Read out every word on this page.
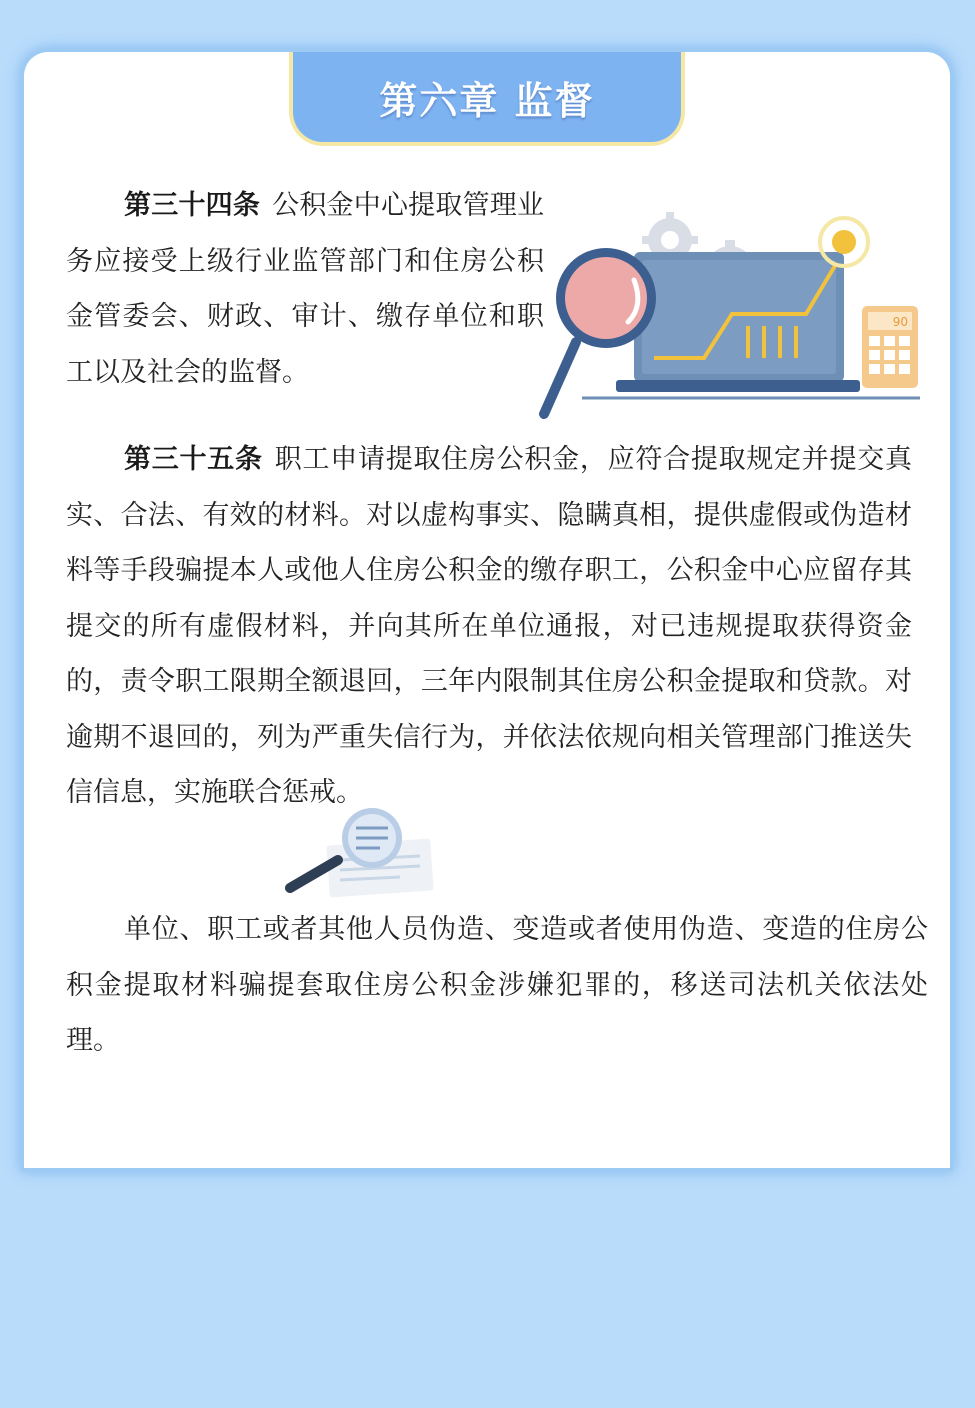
第六章 监督

第三十四条 公积金中心提取管理业务应接受上级行业监管部门和住房公积金管委会、财政、审计、缴存单位和职工以及社会的监督。

90

第三十五条 职工申请提取住房公积金，应符合提取规定并提交真实、合法、有效的材料。对以虚构事实、隐瞒真相，提供虚假或伪造材料等手段骗提本人或他人住房公积金的缴存职工，公积金中心应留存其提交的所有虚假材料，并向其所在单位通报，对已违规提取获得资金的，责令职工限期全额退回，三年内限制其住房公积金提取和贷款。对逾期不退回的，列为严重失信行为，并依法依规向相关管理部门推送失信信息，实施联合惩戒。

单位、职工或者其他人员伪造、变造或者使用伪造、变造的住房公积金提取材料骗提套取住房公积金涉嫌犯罪的，移送司法机关依法处理。
